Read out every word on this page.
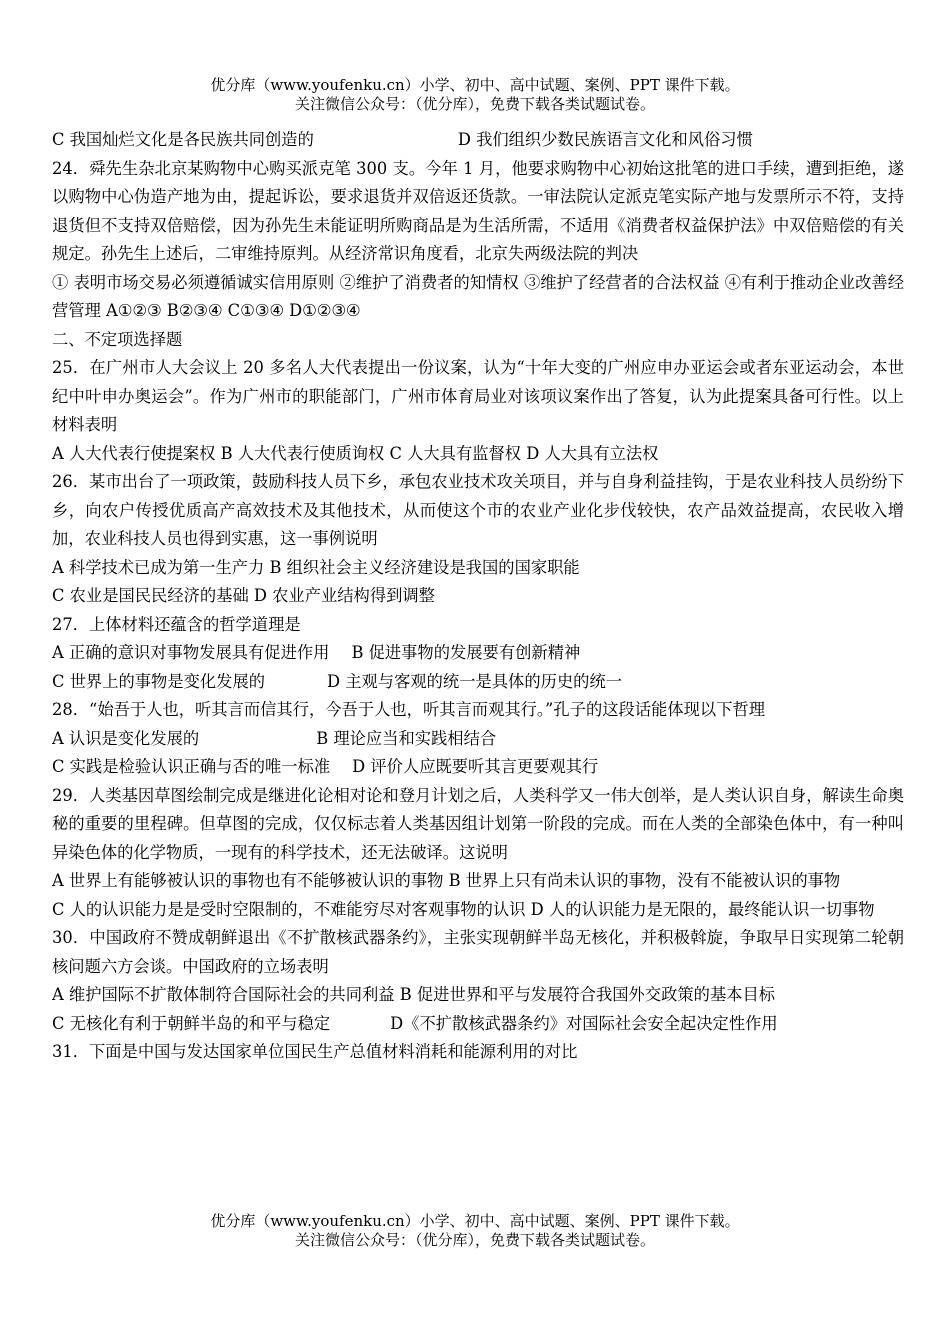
优分库（www.youfenku.cn）小学、初中、高中试题、案例、PPT 课件下载。
关注微信公众号：（优分库），免费下载各类试题试卷。
C 我国灿烂文化是各民族共同创造的	D 我们组织少数民族语言文化和风俗习惯
24．舜先生杂北京某购物中心购买派克笔 300 支。今年 1 月，他要求购物中心初始这批笔的进口手续，遭到拒绝，遂以购物中心伪造产地为由，提起诉讼，要求退货并双倍返还货款。一审法院认定派克笔实际产地与发票所示不符，支持退货但不支持双倍赔偿，因为孙先生未能证明所购商品是为生活所需，不适用《消费者权益保护法》中双倍赔偿的有关规定。孙先生上述后，二审维持原判。从经济常识角度看，北京失两级法院的判决
① 表明市场交易必须遵循诚实信用原则 ②维护了消费者的知情权 ③维护了经营者的合法权益 ④有利于推动企业改善经营管理 A①②③ B②③④ C①③④ D①②③④
二、不定项选择题
25．在广州市人大会议上 20 多名人大代表提出一份议案，认为“十年大变的广州应申办亚运会或者东亚运动会，本世纪中叶申办奥运会”。作为广州市的职能部门，广州市体育局业对该项议案作出了答复，认为此提案具备可行性。以上材料表明
A 人大代表行使提案权 B 人大代表行使质询权 C 人大具有监督权 D 人大具有立法权
26．某市出台了一项政策，鼓励科技人员下乡，承包农业技术攻关项目，并与自身利益挂钩，于是农业科技人员纷纷下乡，向农户传授优质高产高效技术及其他技术，从而使这个市的农业产业化步伐较快，农产品效益提高，农民收入增加，农业科技人员也得到实惠，这一事例说明
A 科学技术已成为第一生产力 B 组织社会主义经济建设是我国的国家职能
C 农业是国民民经济的基础 D 农业产业结构得到调整
27．上体材料还蕴含的哲学道理是
A 正确的意识对事物发展具有促进作用 B 促进事物的发展要有创新精神
C 世界上的事物是变化发展的	D 主观与客观的统一是具体的历史的统一
28．“始吾于人也，听其言而信其行，今吾于人也，听其言而观其行。”孔子的这段话能体现以下哲理
A 认识是变化发展的	B 理论应当和实践相结合
C 实践是检验认识正确与否的唯一标准 D 评价人应既要听其言更要观其行
29．人类基因草图绘制完成是继进化论相对论和登月计划之后，人类科学又一伟大创举，是人类认识自身，解读生命奥秘的重要的里程碑。但草图的完成，仅仅标志着人类基因组计划第一阶段的完成。而在人类的全部染色体中，有一种叫异染色体的化学物质，一现有的科学技术，还无法破译。这说明
A 世界上有能够被认识的事物也有不能够被认识的事物 B 世界上只有尚未认识的事物，没有不能被认识的事物
C 人的认识能力是是受时空限制的，不难能穷尽对客观事物的认识 D 人的认识能力是无限的，最终能认识一切事物
30．中国政府不赞成朝鲜退出《不扩散核武器条约》，主张实现朝鲜半岛无核化，并积极斡旋，争取早日实现第二轮朝核问题六方会谈。中国政府的立场表明
A 维护国际不扩散体制符合国际社会的共同利益 B 促进世界和平与发展符合我国外交政策的基本目标
C 无核化有利于朝鲜半岛的和平与稳定	D《不扩散核武器条约》对国际社会安全起决定性作用
31．下面是中国与发达国家单位国民生产总值材料消耗和能源利用的对比
优分库（www.youfenku.cn）小学、初中、高中试题、案例、PPT 课件下载。
关注微信公众号：（优分库），免费下载各类试题试卷。
